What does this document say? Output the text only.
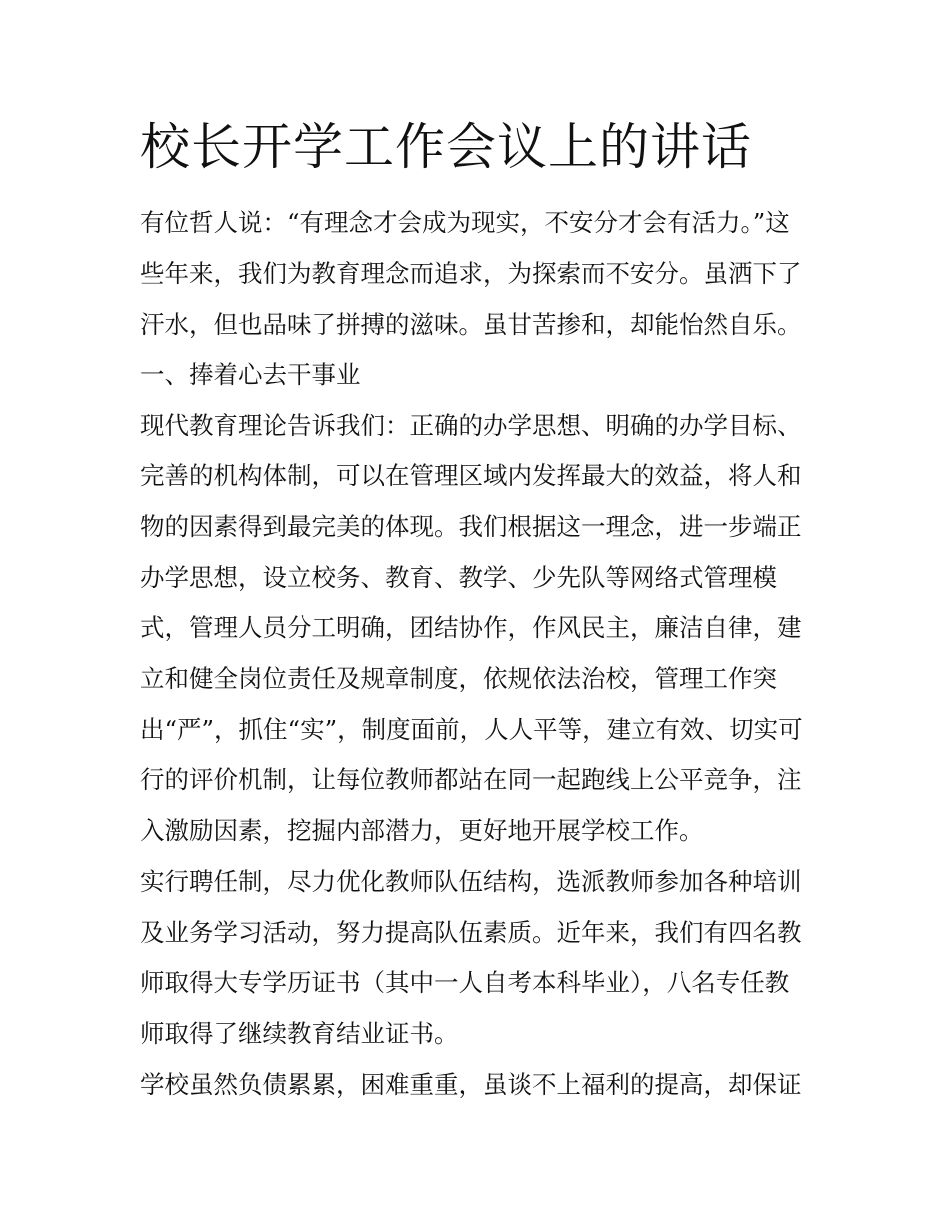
校长开学工作会议上的讲话

有位哲人说：“有理念才会成为现实，不安分才会有活力。”这

些年来，我们为教育理念而追求，为探索而不安分。虽洒下了

汗水，但也品味了拼搏的滋味。虽甘苦掺和，却能怡然自乐。

一、捧着心去干事业

现代教育理论告诉我们：正确的办学思想、明确的办学目标、

完善的机构体制，可以在管理区域内发挥最大的效益，将人和

物的因素得到最完美的体现。我们根据这一理念，进一步端正

办学思想，设立校务、教育、教学、少先队等网络式管理模

式，管理人员分工明确，团结协作，作风民主，廉洁自律，建

立和健全岗位责任及规章制度，依规依法治校，管理工作突

出“严”，抓住“实”，制度面前，人人平等，建立有效、切实可

行的评价机制，让每位教师都站在同一起跑线上公平竞争，注

入激励因素，挖掘内部潜力，更好地开展学校工作。

实行聘任制，尽力优化教师队伍结构，选派教师参加各种培训

及业务学习活动，努力提高队伍素质。近年来，我们有四名教

师取得大专学历证书（其中一人自考本科毕业），八名专任教

师取得了继续教育结业证书。

学校虽然负债累累，困难重重，虽谈不上福利的提高，却保证
